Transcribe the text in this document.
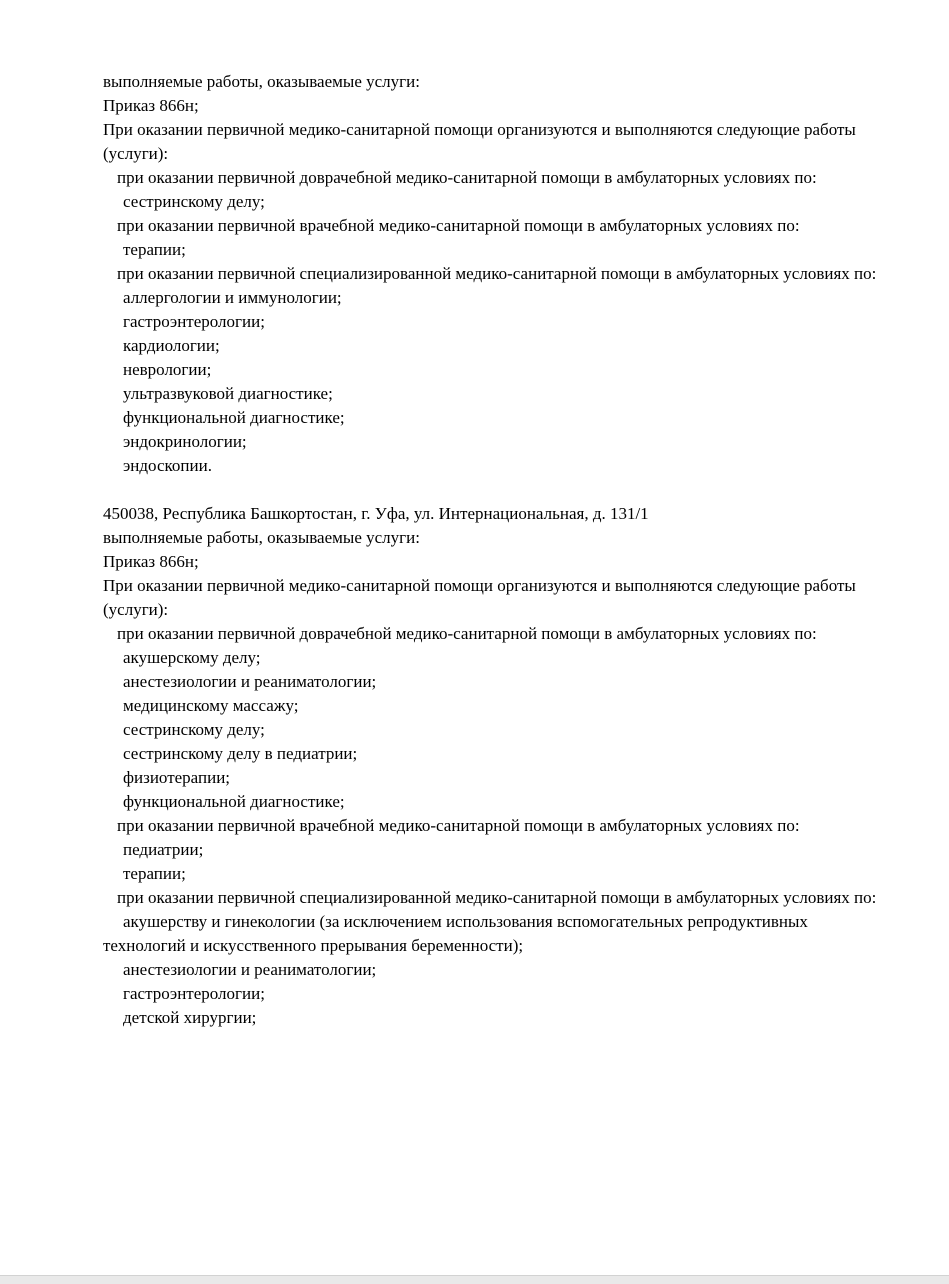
выполняемые работы, оказываемые услуги:

Приказ 866н;

При оказании первичной медико-санитарной помощи организуются и выполняются следующие работы (услуги):

при оказании первичной доврачебной медико-санитарной помощи в амбулаторных условиях по:

сестринскому делу;

при оказании первичной врачебной медико-санитарной помощи в амбулаторных условиях по:

терапии;

при оказании первичной специализированной медико-санитарной помощи в амбулаторных условиях по:

аллергологии и иммунологии;

гастроэнтерологии;

кардиологии;

неврологии;

ультразвуковой диагностике;

функциональной диагностике;

эндокринологии;

эндоскопии.

450038, Республика Башкортостан, г. Уфа, ул. Интернациональная, д. 131/1

выполняемые работы, оказываемые услуги:

Приказ 866н;

При оказании первичной медико-санитарной помощи организуются и выполняются следующие работы (услуги):

при оказании первичной доврачебной медико-санитарной помощи в амбулаторных условиях по:

акушерскому делу;

анестезиологии и реаниматологии;

медицинскому массажу;

сестринскому делу;

сестринскому делу в педиатрии;

физиотерапии;

функциональной диагностике;

при оказании первичной врачебной медико-санитарной помощи в амбулаторных условиях по:

педиатрии;

терапии;

при оказании первичной специализированной медико-санитарной помощи в амбулаторных условиях по:

акушерству и гинекологии (за исключением использования вспомогательных репродуктивных технологий и искусственного прерывания беременности);

анестезиологии и реаниматологии;

гастроэнтерологии;

детской хирургии;
